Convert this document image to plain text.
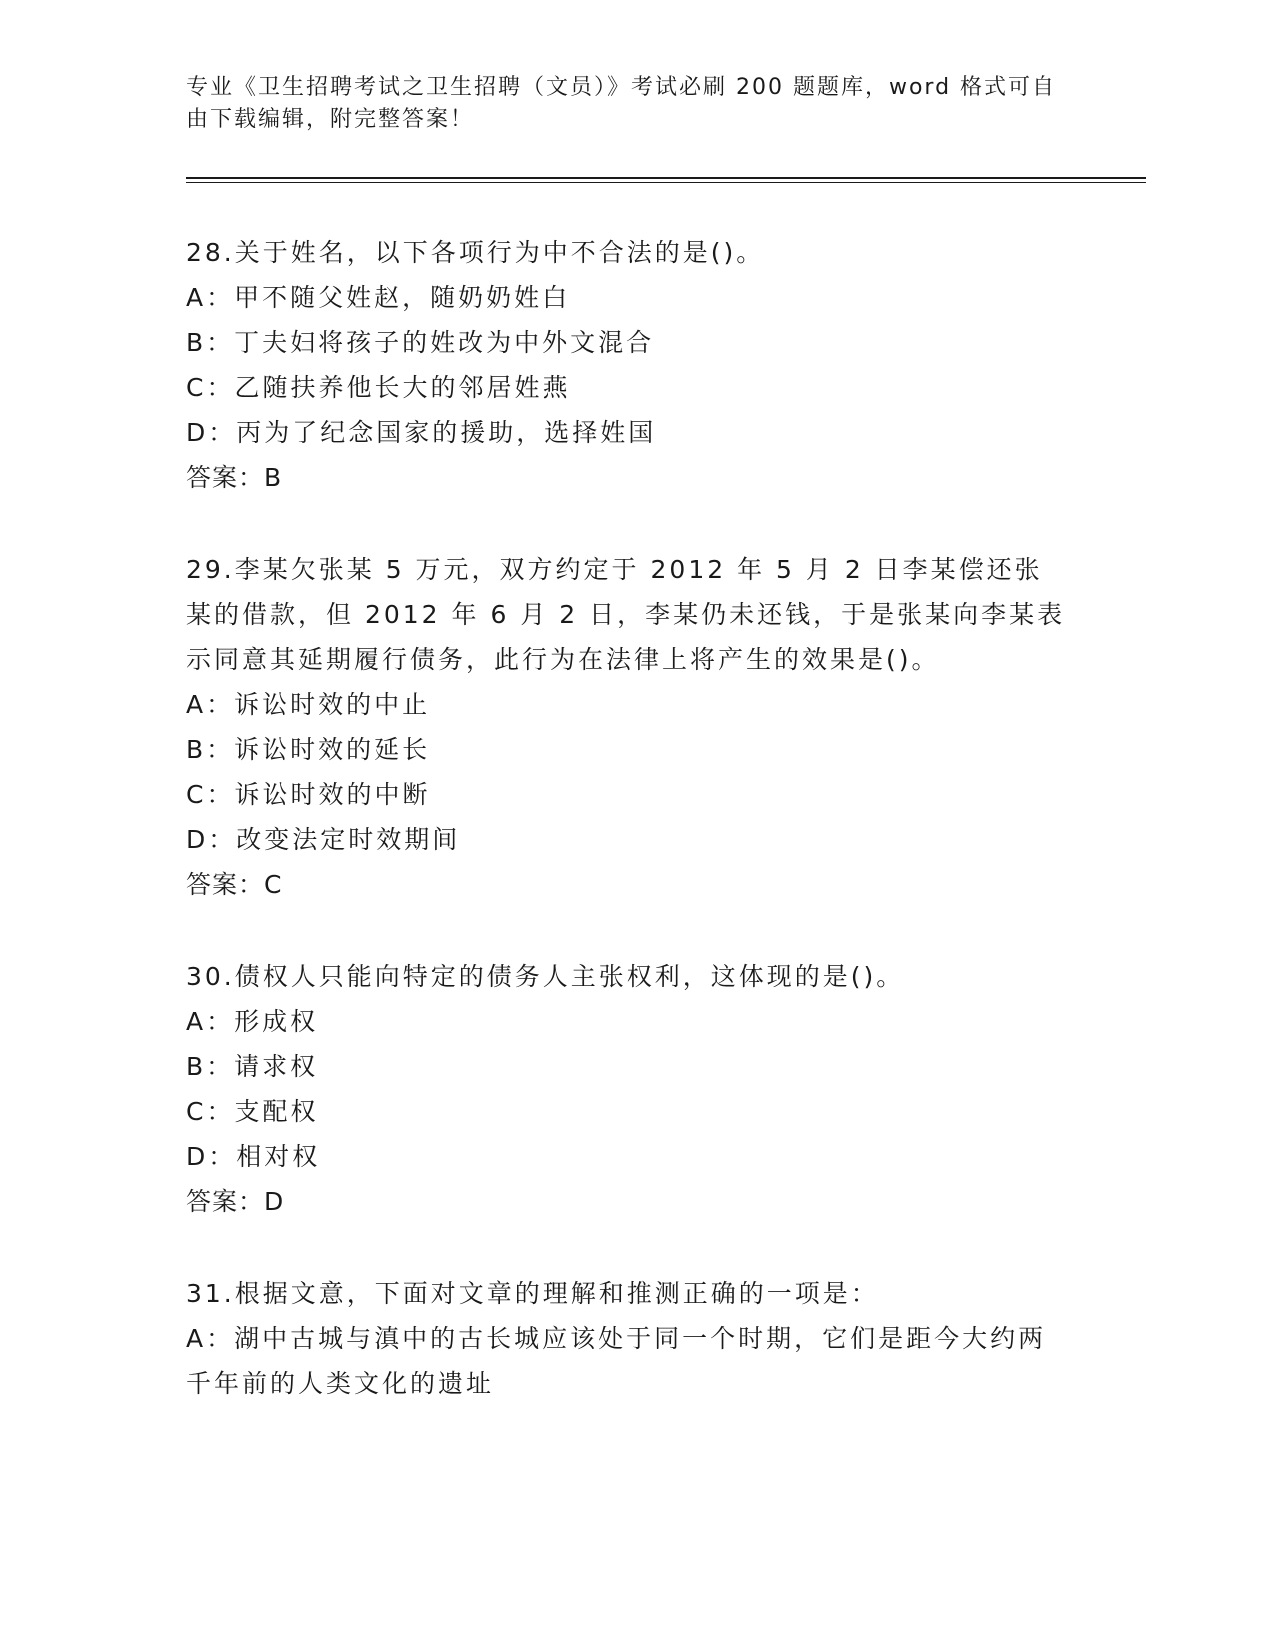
专业《卫生招聘考试之卫生招聘（文员）》考试必刷 200 题题库，word 格式可自
由下载编辑，附完整答案！
28.关于姓名，以下各项行为中不合法的是()。
A：甲不随父姓赵，随奶奶姓白
B：丁夫妇将孩子的姓改为中外文混合
C：乙随扶养他长大的邻居姓燕
D：丙为了纪念国家的援助，选择姓国
答案：B
29.李某欠张某 5 万元，双方约定于 2012 年 5 月 2 日李某偿还张某的借款，但 2012 年 6 月 2 日，李某仍未还钱，于是张某向李某表示同意其延期履行债务，此行为在法律上将产生的效果是()。
A：诉讼时效的中止
B：诉讼时效的延长
C：诉讼时效的中断
D：改变法定时效期间
答案：C
30.债权人只能向特定的债务人主张权利，这体现的是()。
A：形成权
B：请求权
C：支配权
D：相对权
答案：D
31.根据文意，下面对文章的理解和推测正确的一项是：
A：湖中古城与滇中的古长城应该处于同一个时期，它们是距今大约两千年前的人类文化的遗址
